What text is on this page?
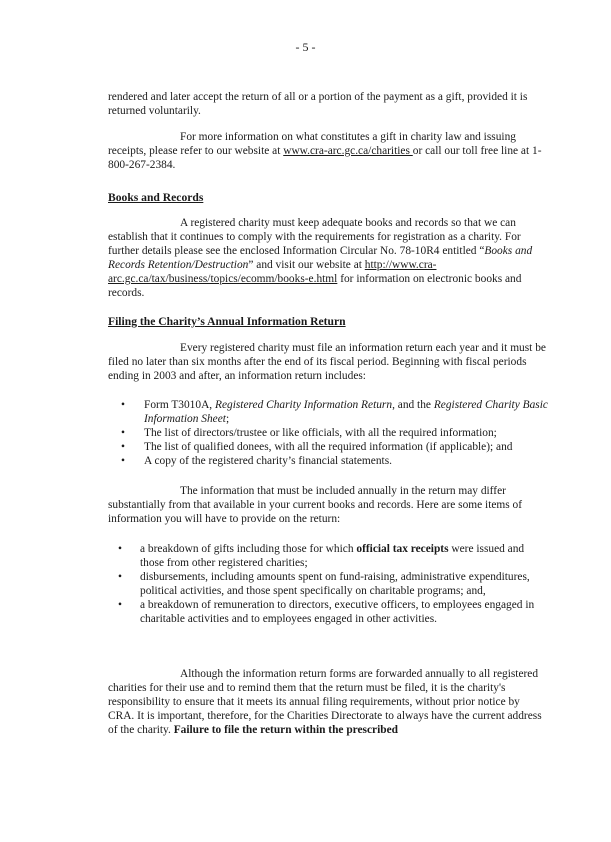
- 5 -

rendered and later accept the return of all or a portion of the payment as a gift, provided it is returned voluntarily.

For more information on what constitutes a gift in charity law and issuing receipts, please refer to our website at www.cra-arc.gc.ca/charities or call our toll free line at 1-800-267-2384.

Books and Records

A registered charity must keep adequate books and records so that we can establish that it continues to comply with the requirements for registration as a charity. For further details please see the enclosed Information Circular No. 78-10R4 entitled “Books and Records Retention/Destruction” and visit our website at http://www.cra-arc.gc.ca/tax/business/topics/ecomm/books-e.html for information on electronic books and records.

Filing the Charity’s Annual Information Return

Every registered charity must file an information return each year and it must be filed no later than six months after the end of its fiscal period. Beginning with fiscal periods ending in 2003 and after, an information return includes:

• Form T3010A, Registered Charity Information Return, and the Registered Charity Basic Information Sheet;
• The list of directors/trustee or like officials, with all the required information;
• The list of qualified donees, with all the required information (if applicable); and
• A copy of the registered charity’s financial statements.

The information that must be included annually in the return may differ substantially from that available in your current books and records. Here are some items of information you will have to provide on the return:

• a breakdown of gifts including those for which official tax receipts were issued and those from other registered charities;
• disbursements, including amounts spent on fund-raising, administrative expenditures, political activities, and those spent specifically on charitable programs; and,
• a breakdown of remuneration to directors, executive officers, to employees engaged in charitable activities and to employees engaged in other activities.

Although the information return forms are forwarded annually to all registered charities for their use and to remind them that the return must be filed, it is the charity's responsibility to ensure that it meets its annual filing requirements, without prior notice by CRA. It is important, therefore, for the Charities Directorate to always have the current address of the charity. Failure to file the return within the prescribed
